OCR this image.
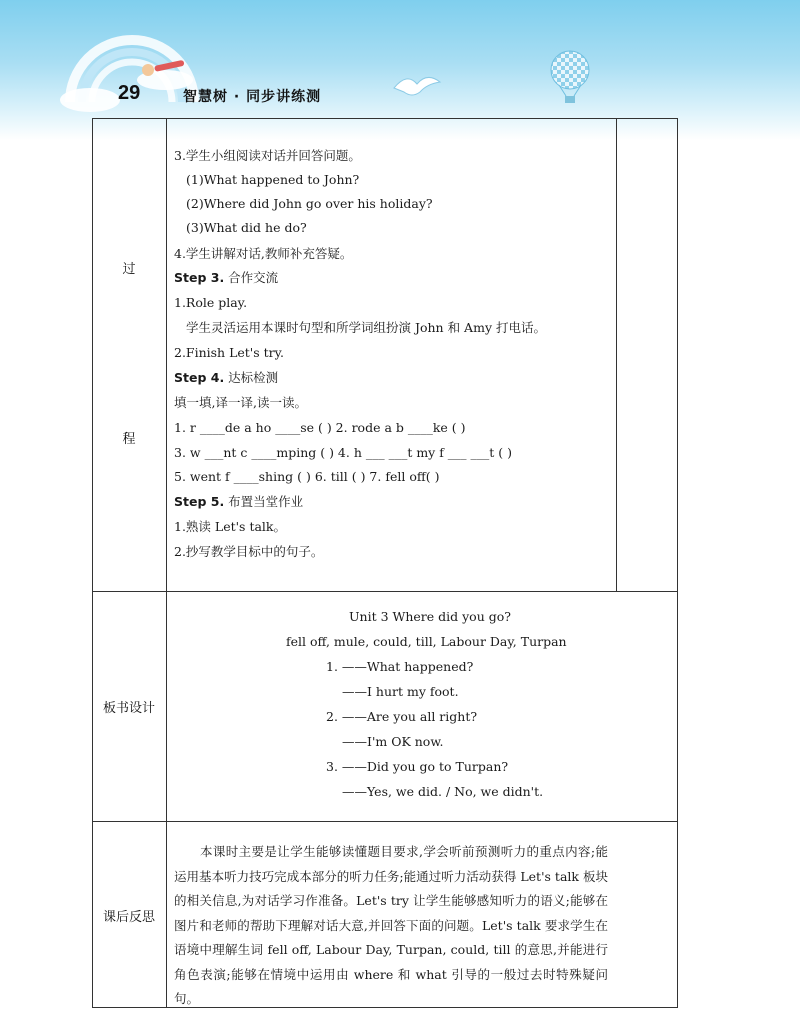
29	智慧树 · 同步讲练测
过
程
板书设计
课后反思
3.学生小组阅读对话并回答问题。
(1)What happened to John?
(2)Where did John go over his holiday?
(3)What did he do?
4.学生讲解对话,教师补充答疑。
Step 3. 合作交流
1.Role play.
学生灵活运用本课时句型和所学词组扮演 John 和 Amy 打电话。
2.Finish Let's try.
Step 4. 达标检测
填一填,译一译,读一读。
1. r ____de a ho ____se ( ) 2. rode a b ____ke ( )
3. w ___nt c ____mping ( ) 4. h ___ ___t my f ___ ___t ( )
5. went f ____shing ( ) 6. till ( ) 7. fell off( )
Step 5. 布置当堂作业
1.熟读 Let's talk。
2.抄写教学目标中的句子。
Unit 3 Where did you go?
fell off, mule, could, till, Labour Day, Turpan
1. ——What happened?
——I hurt my foot.
2. ——Are you all right?
——I'm OK now.
3. ——Did you go to Turpan?
——Yes, we did. / No, we didn't.
本课时主要是让学生能够读懂题目要求,学会听前预测听力的重点内容;能运用基本听力技巧完成本部分的听力任务;能通过听力活动获得 Let's talk 板块的相关信息,为对话学习作准备。Let's try 让学生能够感知听力的语义;能够在图片和老师的帮助下理解对话大意,并回答下面的问题。Let's talk 要求学生在语境中理解生词 fell off, Labour Day, Turpan, could, till 的意思,并能进行角色表演;能够在情境中运用由 where 和 what 引导的一般过去时特殊疑问句。
